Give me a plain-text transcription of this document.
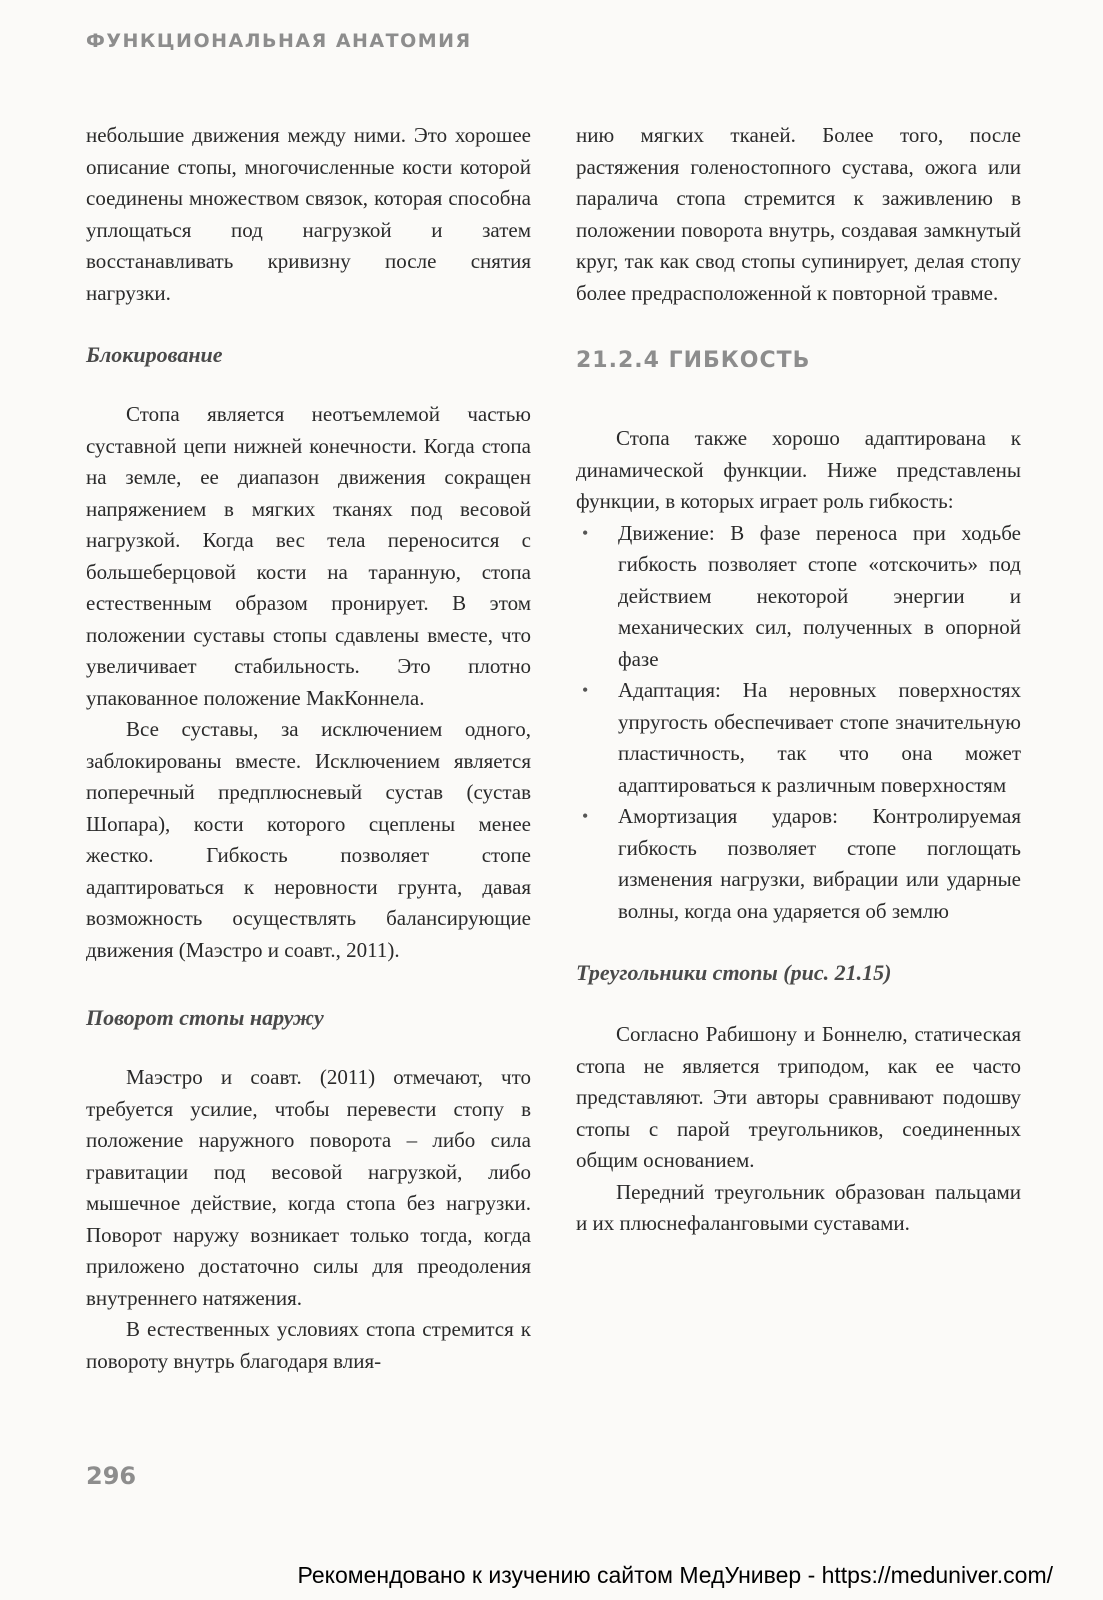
ФУНКЦИОНАЛЬНАЯ АНАТОМИЯ

небольшие движения между ними. Это хорошее описание стопы, многочисленные кости которой соединены множеством связок, которая способна уплощаться под нагрузкой и затем восстанавливать кривизну после снятия нагрузки.

Блокирование

Стопа является неотъемлемой частью суставной цепи нижней конечности. Когда стопа на земле, ее диапазон движения сокращен напряжением в мягких тканях под весовой нагрузкой. Когда вес тела переносится с большеберцовой кости на таранную, стопа естественным образом пронирует. В этом положении суставы стопы сдавлены вместе, что увеличивает стабильность. Это плотно упакованное положение МакКоннела.

Все суставы, за исключением одного, заблокированы вместе. Исключением является поперечный предплюсневый сустав (сустав Шопара), кости которого сцеплены менее жестко. Гибкость позволяет стопе адаптироваться к неровности грунта, давая возможность осуществлять балансирующие движения (Маэстро и соавт., 2011).

Поворот стопы наружу

Маэстро и соавт. (2011) отмечают, что требуется усилие, чтобы перевести стопу в положение наружного поворота – либо сила гравитации под весовой нагрузкой, либо мышечное действие, когда стопа без нагрузки. Поворот наружу возникает только тогда, когда приложено достаточно силы для преодоления внутреннего натяжения.

В естественных условиях стопа стремится к повороту внутрь благодаря влия-

нию мягких тканей. Более того, после растяжения голеностопного сустава, ожога или паралича стопа стремится к заживлению в положении поворота внутрь, создавая замкнутый круг, так как свод стопы супинирует, делая стопу более предрасположенной к повторной травме.

21.2.4 ГИБКОСТЬ

Стопа также хорошо адаптирована к динамической функции. Ниже представлены функции, в которых играет роль гибкость:

• Движение: В фазе переноса при ходьбе гибкость позволяет стопе «отскочить» под действием некоторой энергии и механических сил, полученных в опорной фазе
• Адаптация: На неровных поверхностях упругость обеспечивает стопе значительную пластичность, так что она может адаптироваться к различным поверхностям
• Амортизация ударов: Контролируемая гибкость позволяет стопе поглощать изменения нагрузки, вибрации или ударные волны, когда она ударяется об землю
Треугольники стопы (рис. 21.15)

Согласно Рабишону и Боннелю, статическая стопа не является триподом, как ее часто представляют. Эти авторы сравнивают подошву стопы с парой треугольников, соединенных общим основанием.

Передний треугольник образован пальцами и их плюснефаланговыми суставами.

296
Рекомендовано к изучению сайтом МедУнивер - https://meduniver.com/
